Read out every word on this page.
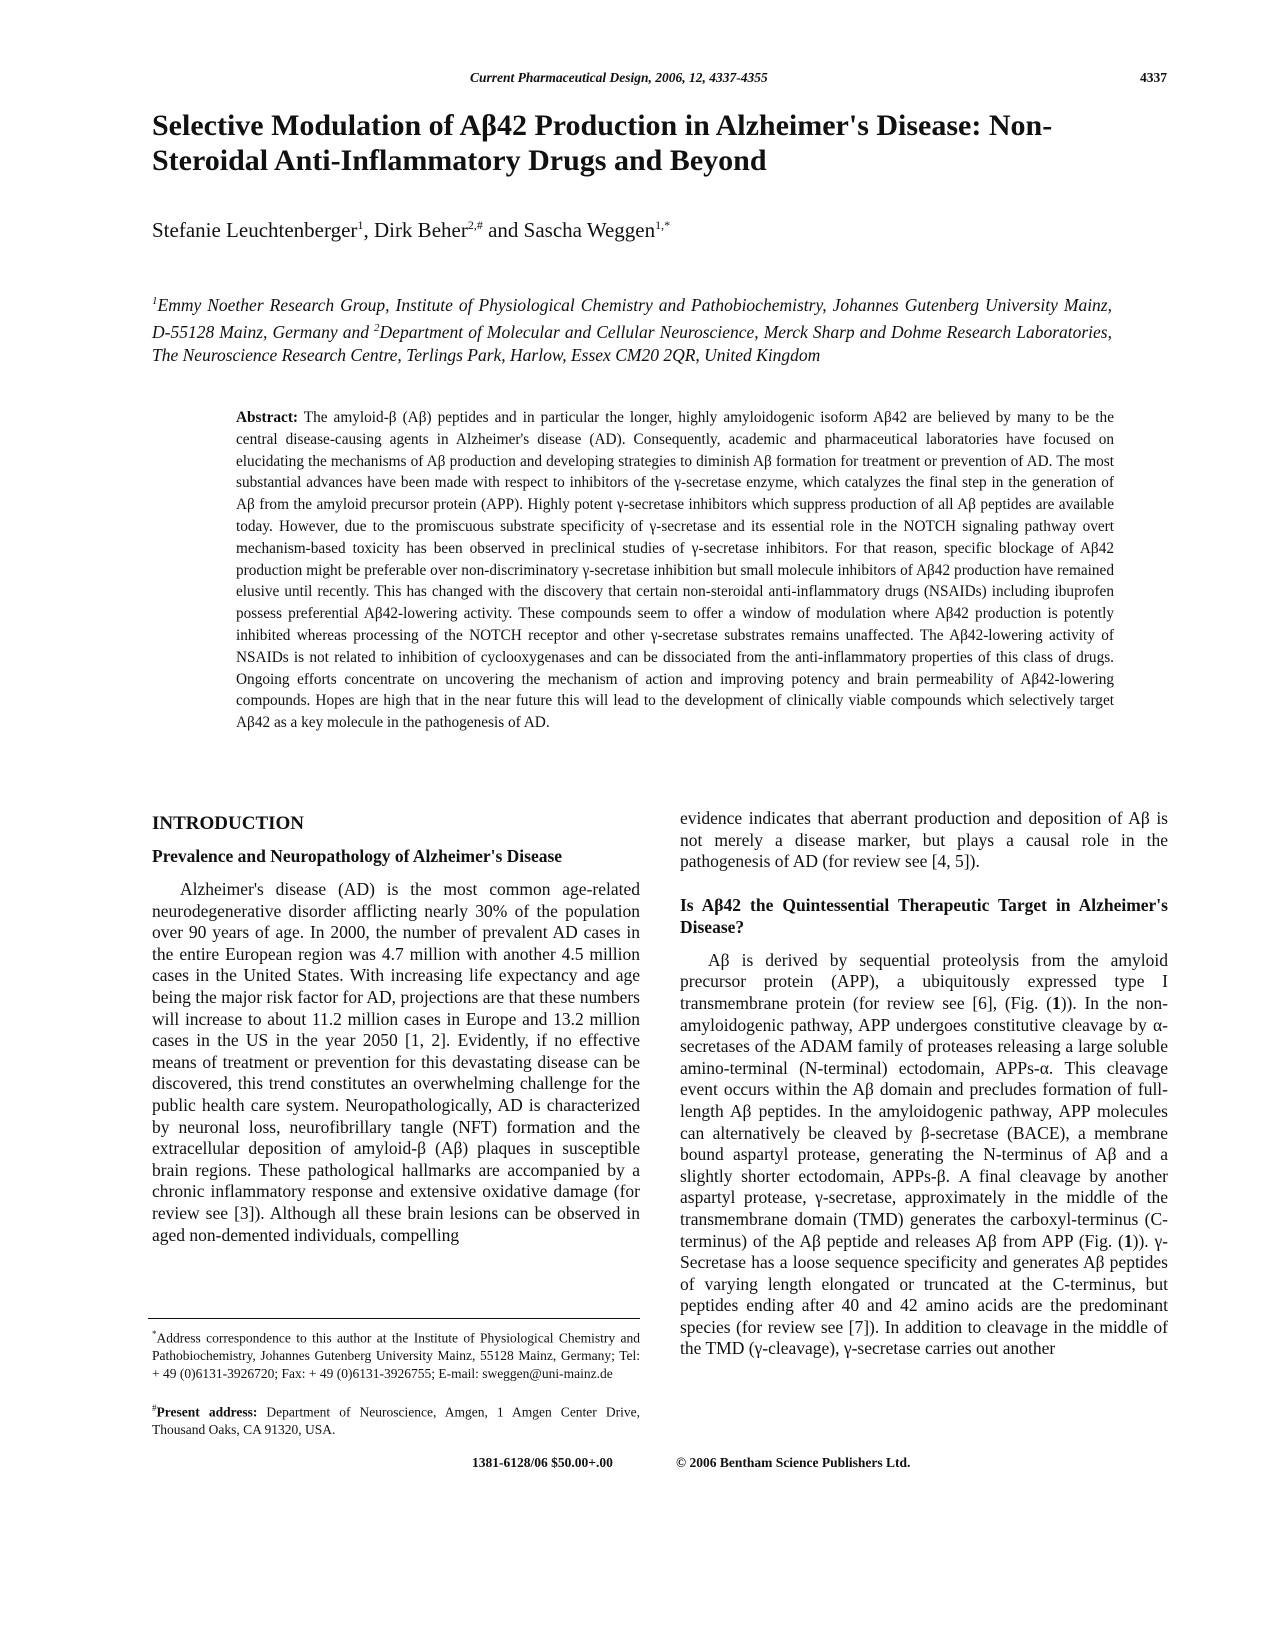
Current Pharmaceutical Design, 2006, 12, 4337-4355	4337
Selective Modulation of Aβ42 Production in Alzheimer's Disease: Non-Steroidal Anti-Inflammatory Drugs and Beyond
Stefanie Leuchtenberger$^1$, Dirk Beher$^{2,\#}$ and Sascha Weggen$^{1,*}$

$^1$Emmy Noether Research Group, Institute of Physiological Chemistry and Pathobiochemistry, Johannes Gutenberg University Mainz, D-55128 Mainz, Germany and $^2$Department of Molecular and Cellular Neuroscience, Merck Sharp and Dohme Research Laboratories, The Neuroscience Research Centre, Terlings Park, Harlow, Essex CM20 2QR, United Kingdom

Abstract: The amyloid-β (Aβ) peptides and in particular the longer, highly amyloidogenic isoform Aβ42 are believed by many to be the central disease-causing agents in Alzheimer's disease (AD). Consequently, academic and pharmaceutical laboratories have focused on elucidating the mechanisms of Aβ production and developing strategies to diminish Aβ formation for treatment or prevention of AD. The most substantial advances have been made with respect to inhibitors of the γ-secretase enzyme, which catalyzes the final step in the generation of Aβ from the amyloid precursor protein (APP). Highly potent γ-secretase inhibitors which suppress production of all Aβ peptides are available today. However, due to the promiscuous substrate specificity of γ-secretase and its essential role in the NOTCH signaling pathway overt mechanism-based toxicity has been observed in preclinical studies of γ-secretase inhibitors. For that reason, specific blockage of Aβ42 production might be preferable over non-discriminatory γ-secretase inhibition but small molecule inhibitors of Aβ42 production have remained elusive until recently. This has changed with the discovery that certain non-steroidal anti-inflammatory drugs (NSAIDs) including ibuprofen possess preferential Aβ42-lowering activity. These compounds seem to offer a window of modulation where Aβ42 production is potently inhibited whereas processing of the NOTCH receptor and other γ-secretase substrates remains unaffected. The Aβ42-lowering activity of NSAIDs is not related to inhibition of cyclooxygenases and can be dissociated from the anti-inflammatory properties of this class of drugs. Ongoing efforts concentrate on uncovering the mechanism of action and improving potency and brain permeability of Aβ42-lowering compounds. Hopes are high that in the near future this will lead to the development of clinically viable compounds which selectively target Aβ42 as a key molecule in the pathogenesis of AD.

INTRODUCTION
Prevalence and Neuropathology of Alzheimer's Disease

Alzheimer's disease (AD) is the most common age-related neurodegenerative disorder afflicting nearly 30% of the population over 90 years of age. In 2000, the number of prevalent AD cases in the entire European region was 4.7 million with another 4.5 million cases in the United States. With increasing life expectancy and age being the major risk factor for AD, projections are that these numbers will increase to about 11.2 million cases in Europe and 13.2 million cases in the US in the year 2050 [1, 2]. Evidently, if no effective means of treatment or prevention for this devastating disease can be discovered, this trend constitutes an overwhelming challenge for the public health care system. Neuropathologically, AD is characterized by neuronal loss, neurofibrillary tangle (NFT) formation and the extracellular deposition of amyloid-β (Aβ) plaques in susceptible brain regions. These pathological hallmarks are accompanied by a chronic inflammatory response and extensive oxidative damage (for review see [3]). Although all these brain lesions can be observed in aged non-demented individuals, compelling

*Address correspondence to this author at the Institute of Physiological Chemistry and Pathobiochemistry, Johannes Gutenberg University Mainz, 55128 Mainz, Germany; Tel: + 49 (0)6131-3926720; Fax: + 49 (0)6131-3926755; E-mail: sweggen@uni-mainz.de

#Present address: Department of Neuroscience, Amgen, 1 Amgen Center Drive, Thousand Oaks, CA 91320, USA.

evidence indicates that aberrant production and deposition of Aβ is not merely a disease marker, but plays a causal role in the pathogenesis of AD (for review see [4, 5]).

Is Aβ42 the Quintessential Therapeutic Target in Alzheimer's Disease?

Aβ is derived by sequential proteolysis from the amyloid precursor protein (APP), a ubiquitously expressed type I transmembrane protein (for review see [6], (Fig. (1)). In the non-amyloidogenic pathway, APP undergoes constitutive cleavage by α-secretases of the ADAM family of proteases releasing a large soluble amino-terminal (N-terminal) ectodomain, APPs-α. This cleavage event occurs within the Aβ domain and precludes formation of full-length Aβ peptides. In the amyloidogenic pathway, APP molecules can alternatively be cleaved by β-secretase (BACE), a membrane bound aspartyl protease, generating the N-terminus of Aβ and a slightly shorter ectodomain, APPs-β. A final cleavage by another aspartyl protease, γ-secretase, approximately in the middle of the transmembrane domain (TMD) generates the carboxyl-terminus (C-terminus) of the Aβ peptide and releases Aβ from APP (Fig. (1)). γ-Secretase has a loose sequence specificity and generates Aβ peptides of varying length elongated or truncated at the C-terminus, but peptides ending after 40 and 42 amino acids are the predominant species (for review see [7]). In addition to cleavage in the middle of the TMD (γ-cleavage), γ-secretase carries out another

1381-6128/06 $50.00+.00	© 2006 Bentham Science Publishers Ltd.
